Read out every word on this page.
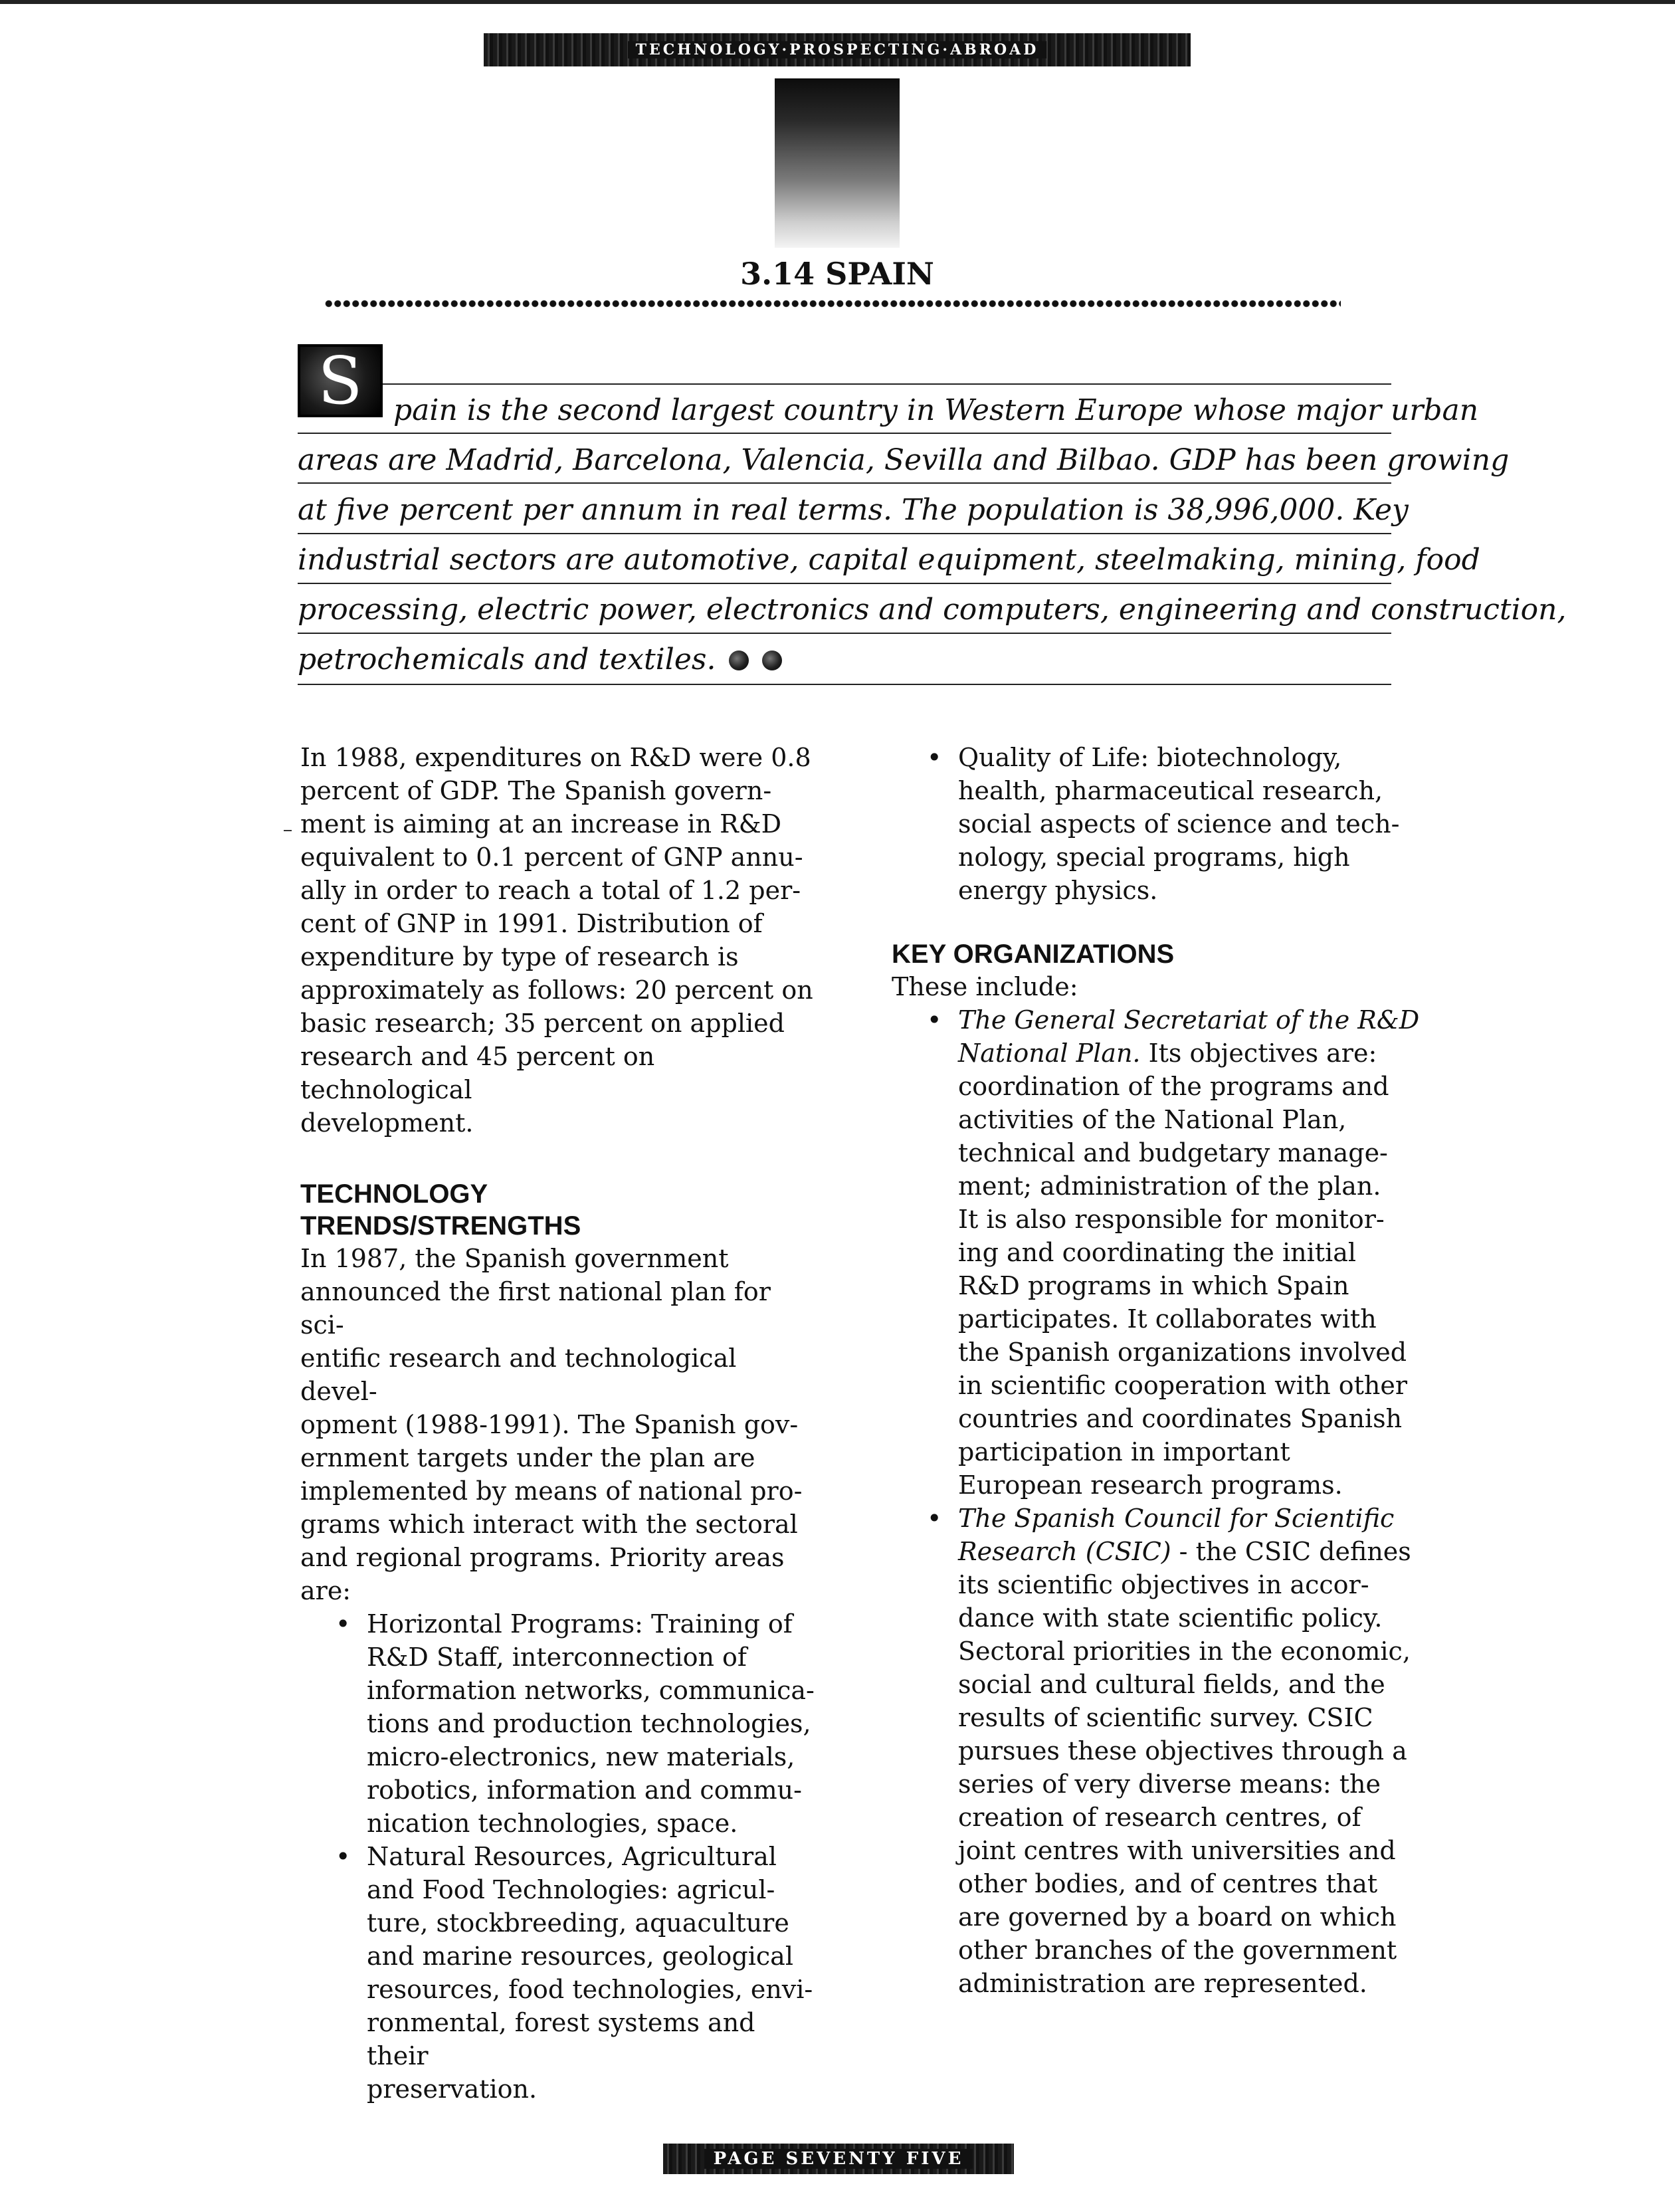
TECHNOLOGY·PROSPECTING·ABROAD
3.14 SPAIN
S	pain is the second largest country in Western Europe whose major urban
areas are Madrid, Barcelona, Valencia, Sevilla and Bilbao. GDP has been growing
at five percent per annum in real terms. The population is 38,996,000. Key
industrial sectors are automotive, capital equipment, steelmaking, mining, food
processing, electric power, electronics and computers, engineering and construction,
petrochemicals and textiles.

In 1988, expenditures on R&D were 0.8
percent of GDP. The Spanish govern-
ment is aiming at an increase in R&D
equivalent to 0.1 percent of GNP annu-
ally in order to reach a total of 1.2 per-
cent of GNP in 1991. Distribution of
expenditure by type of research is
approximately as follows: 20 percent on
basic research; 35 percent on applied
research and 45 percent on technological
development.

TECHNOLOGY
TRENDS/STRENGTHS

In 1987, the Spanish government
announced the first national plan for sci-
entific research and technological devel-
opment (1988-1991). The Spanish gov-
ernment targets under the plan are
implemented by means of national pro-
grams which interact with the sectoral
and regional programs. Priority areas
are:

• Horizontal Programs: Training of
R&D Staff, interconnection of
information networks, communica-
tions and production technologies,
micro-electronics, new materials,
robotics, information and commu-
nication technologies, space.

• Natural Resources, Agricultural
and Food Technologies: agricul-
ture, stockbreeding, aquaculture
and marine resources, geological
resources, food technologies, envi-
ronmental, forest systems and their
preservation.

• Quality of Life: biotechnology,
health, pharmaceutical research,
social aspects of science and tech-
nology, special programs, high
energy physics.

KEY ORGANIZATIONS

These include:

• The General Secretariat of the R&D
National Plan. Its objectives are:
coordination of the programs and
activities of the National Plan,
technical and budgetary manage-
ment; administration of the plan.
It is also responsible for monitor-
ing and coordinating the initial
R&D programs in which Spain
participates. It collaborates with
the Spanish organizations involved
in scientific cooperation with other
countries and coordinates Spanish
participation in important
European research programs.

• The Spanish Council for Scientific
Research (CSIC) - the CSIC defines
its scientific objectives in accor-
dance with state scientific policy.
Sectoral priorities in the economic,
social and cultural fields, and the
results of scientific survey. CSIC
pursues these objectives through a
series of very diverse means: the
creation of research centres, of
joint centres with universities and
other bodies, and of centres that
are governed by a board on which
other branches of the government
administration are represented.

PAGE SEVENTY FIVE
